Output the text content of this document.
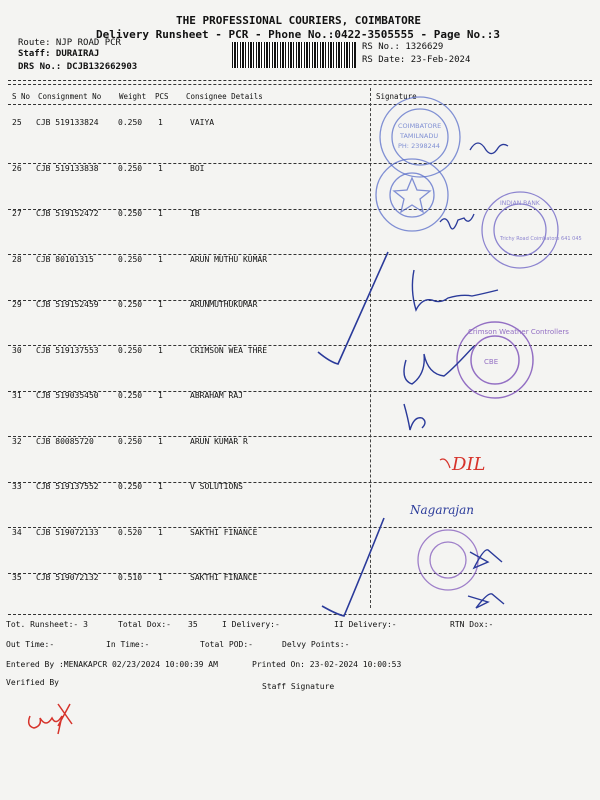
THE PROFESSIONAL COURIERS, COIMBATORE
Delivery Runsheet - PCR - Phone No.:0422-3505555 - Page No.:3
Route: NJP ROAD PCR
Staff: DURAIRAJ
DRS No.: DCJB132662903
RS No.: 1326629
RS Date: 23-Feb-2024
S No Consignment No Weight PCS Consignee Details	Signature
25 CJB 519133824 0.250 1	VAIYA
26 CJB 519133838 0.250 1	BOI
27 CJB 519152472 0.250 1	IB
28 CJB 80101315	0.250 1	ARUN MUTHU KUMAR
29 CJB 519152459 0.250 1	ARUNMUTHUKUMAR
30 CJB 519137553 0.250 1	CRIMSON WEA THRE
31 CJB 519035450 0.250 1	ABRAHAM RAJ
32 CJB 80085720	0.250 1	ARUN KUMAR R
33 CJB 519137552 0.250 1	V SOLUTIONS
34 CJB 519072133 0.520 1	SAKTHI FINANCE
35 CJB 519072132 0.510 1	SAKTHI FINANCE
Tot. Runsheet:- 3	Total Dox:- 35	I Delivery:-	II Delivery:-	RTN Dox:-
Out Time:-	In Time:-	Total POD:-	Delvy Points:-
Entered By :MENAKAPCR 02/23/2024 10:00:39 AM	Printed On: 23-02-2024 10:00:53
Verified By	Staff Signature
COIMBATORE
TAMILNADU
PH: 2398244
INDIAN BANK
Trichy Road Coimbatore 641 045
Crimson Weather Controllers
CBE
DIL
Nagarajan
